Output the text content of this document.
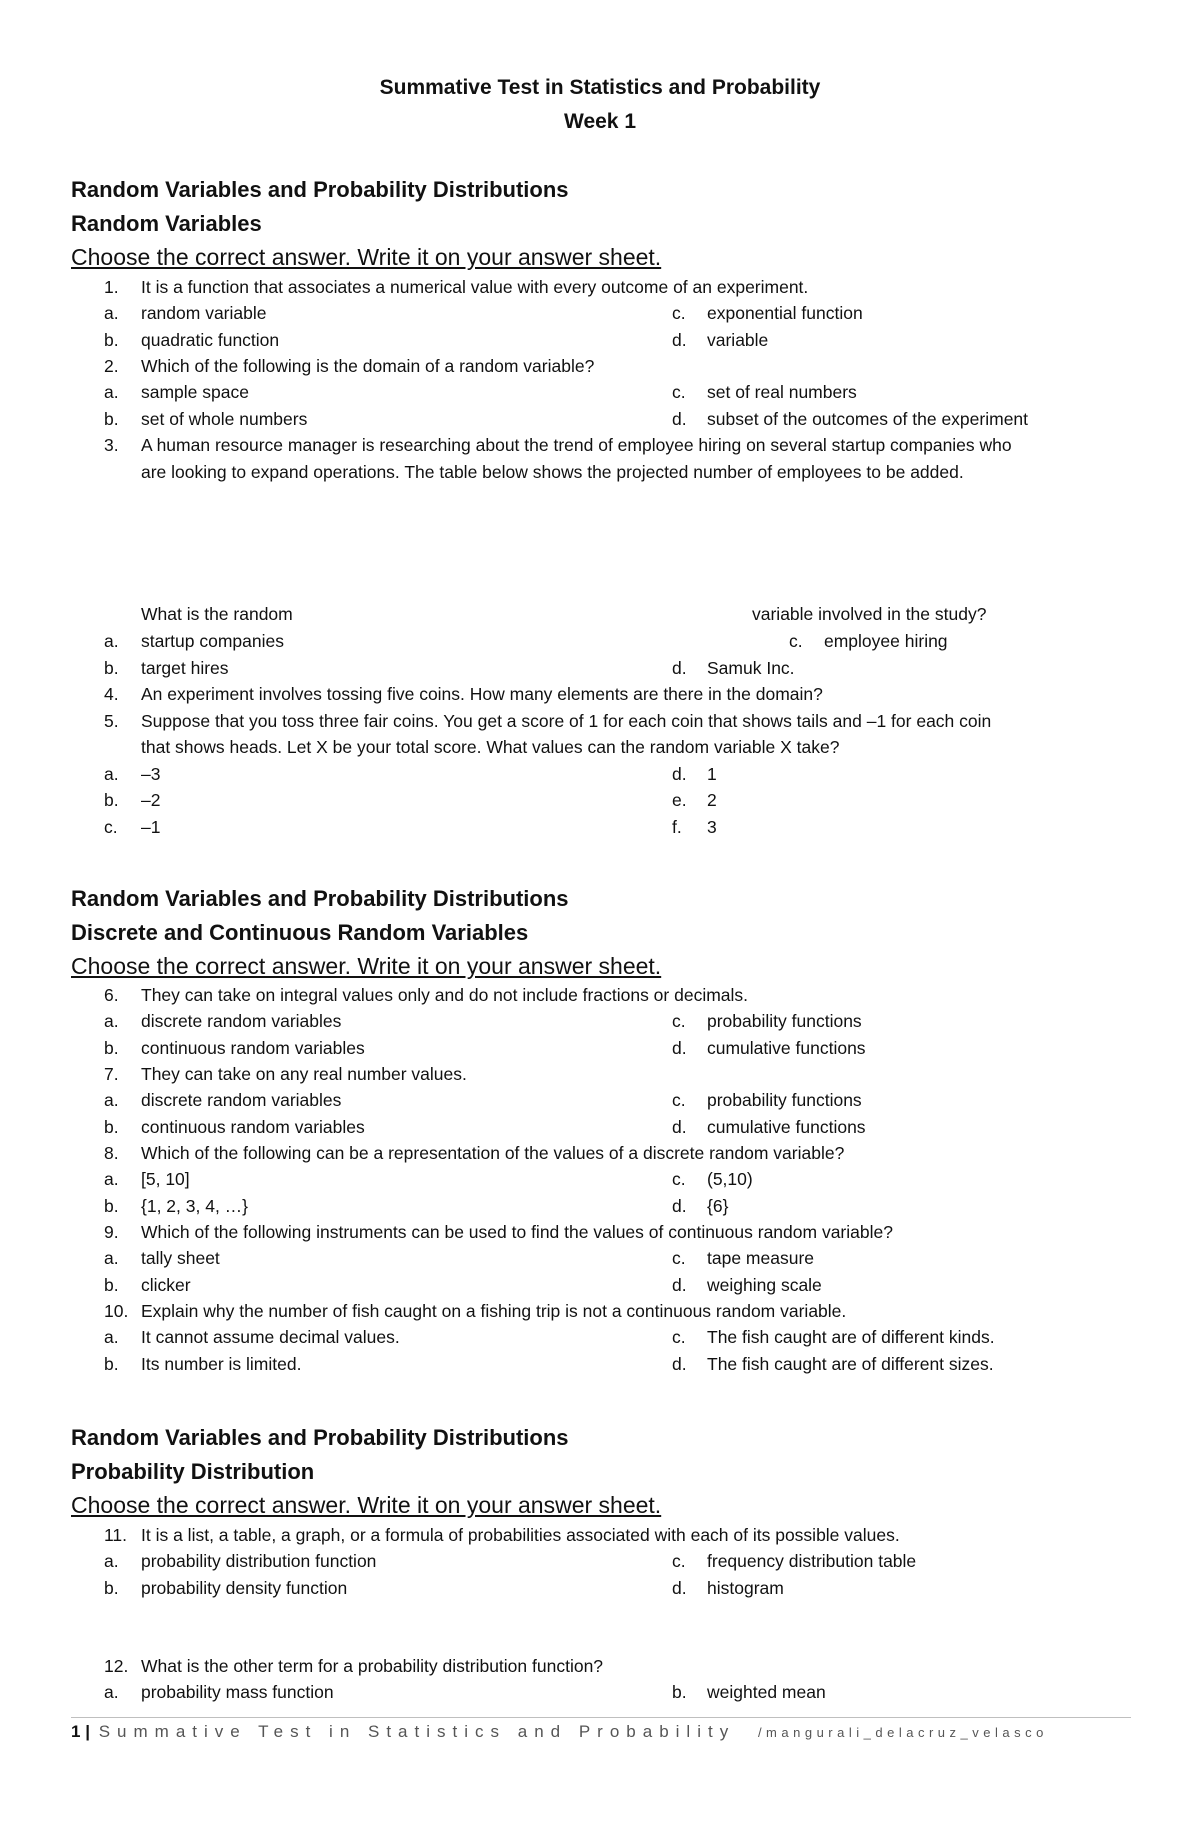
Summative Test in Statistics and Probability
Week 1
Random Variables and Probability Distributions
Random Variables
Choose the correct answer. Write it on your answer sheet.
1. It is a function that associates a numerical value with every outcome of an experiment.
a. random variable	c. exponential function
b. quadratic function	d. variable
2. Which of the following is the domain of a random variable?
a. sample space	c. set of real numbers
b. set of whole numbers	d. subset of the outcomes of the experiment
3. A human resource manager is researching about the trend of employee hiring on several startup companies who
are looking to expand operations. The table below shows the projected number of employees to be added.
What is the random	variable involved in the study?
a. startup companies	c. employee hiring
b. target hires	d. Samuk Inc.
4. An experiment involves tossing five coins. How many elements are there in the domain?
5. Suppose that you toss three fair coins. You get a score of 1 for each coin that shows tails and –1 for each coin
that shows heads. Let X be your total score. What values can the random variable X take?
a. –3	d. 1
b. –2	e. 2
c. –1	f. 3
Random Variables and Probability Distributions
Discrete and Continuous Random Variables
Choose the correct answer. Write it on your answer sheet.
6. They can take on integral values only and do not include fractions or decimals.
a. discrete random variables	c. probability functions
b. continuous random variables	d. cumulative functions
7. They can take on any real number values.
a. discrete random variables	c. probability functions
b. continuous random variables	d. cumulative functions
8. Which of the following can be a representation of the values of a discrete random variable?
a. [5, 10]	c. (5,10)
b. {1, 2, 3, 4, …}	d. {6}
9. Which of the following instruments can be used to find the values of continuous random variable?
a. tally sheet	c. tape measure
b. clicker	d. weighing scale
10. Explain why the number of fish caught on a fishing trip is not a continuous random variable.
a. It cannot assume decimal values.	c. The fish caught are of different kinds.
b. Its number is limited.	d. The fish caught are of different sizes.
Random Variables and Probability Distributions
Probability Distribution
Choose the correct answer. Write it on your answer sheet.
11. It is a list, a table, a graph, or a formula of probabilities associated with each of its possible values.
a. probability distribution function	c. frequency distribution table
b. probability density function	d. histogram
12. What is the other term for a probability distribution function?
a. probability mass function	b. weighted mean
1 | Summative Test in Statistics and Probability /mangurali_delacruz_velasco
